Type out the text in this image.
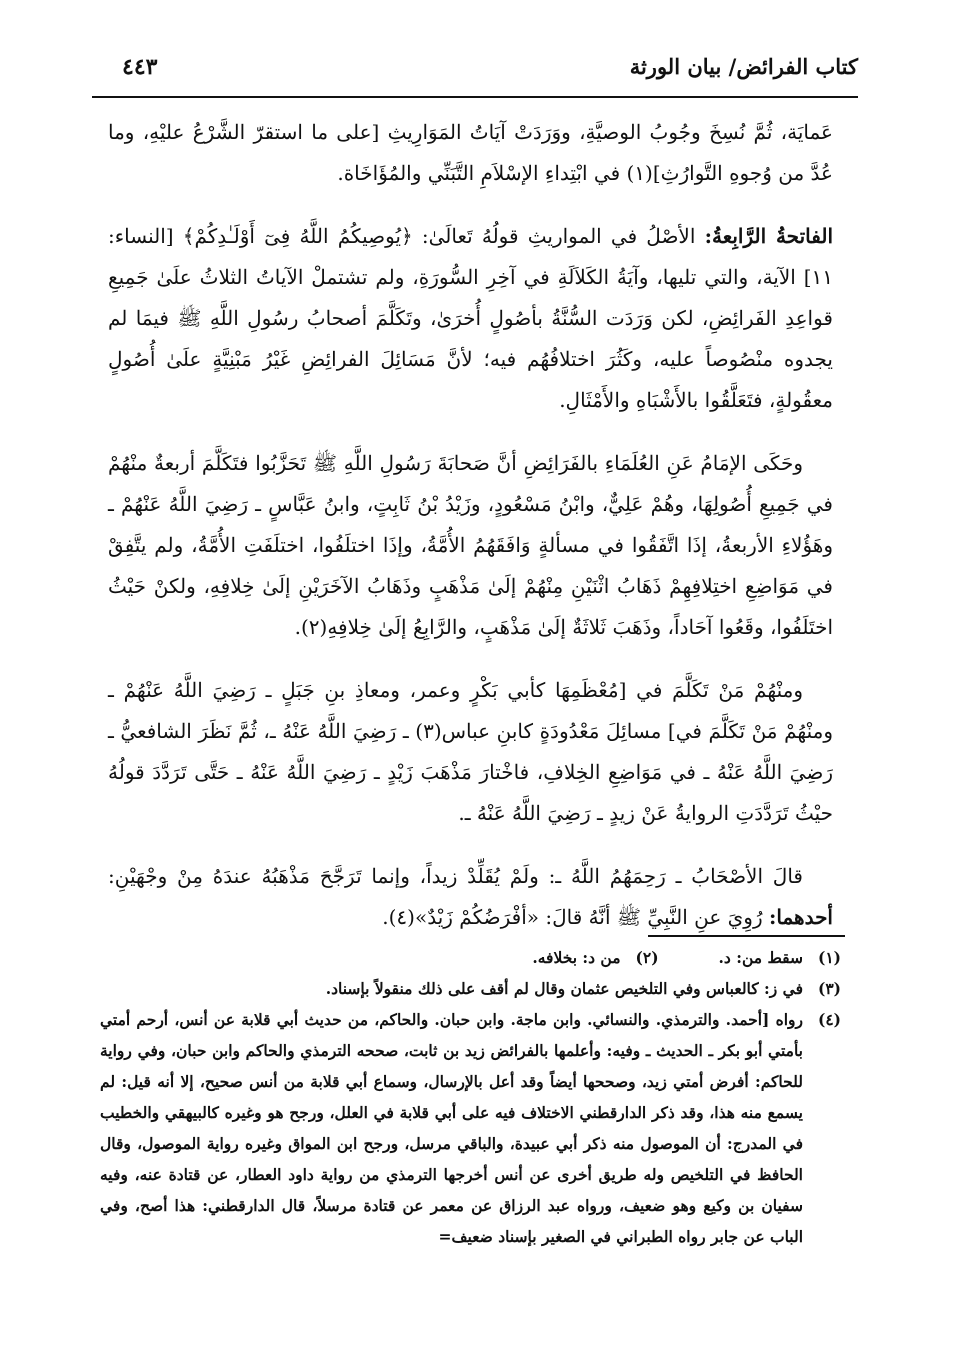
كتاب الفرائض/ بيان الورثة
٤٤٣

عَمايَة، ثُمَّ نُسِخَ وجُوبُ الوصيَّةِ، ووَرَدَتْ آيَاتُ المَوَارِيثِ [على ما استقرّ الشَّرْعُ عليْهِ، وما عُدَّ من وُجوهِ التَّوارُثِ](١) في ابْتِداءِ الإسْلاَمِ التَّبَنِّي والمُؤَاخَاة.

الفاتحةُ الرَّابِعةُ: الأصْلُ في المواريثِ قولُهُ تَعالَىٰ: ﴿يُوصِيكُمُ اللَّهُ فِىٓ أَوْلَـٰدِكُمْ﴾ [النساء: ١١] الآية، والتي تليها، وآيَةُ الكَلاَلَةِ في آخِرِ السُّورَةِ، ولم تشتملْ الآياتُ الثلاثُ علَىٰ جَمِيعِ قواعِدِ الفَرائِضِ، لكن وَرَدَت السُّنَّةُ بأصُولٍ أُخرَىٰ، وتَكَلَّمَ أصحابُ رسُولِ اللَّهِ ﷺ فيمَا لم يجدوه منْصُوصاً عليه، وكَثُرَ اختلافُهُم فيه؛ لأنَّ مَسَائِلَ الفرائِضِ غَيْرُ مَبْنِيَّةٍ علَىٰ أُصُولٍ معقُولةٍ، فتَعَلَّقُوا بالأَشْبَاهِ والأَمْثَالِ.

وحَكَى الإمَامُ عَنِ العُلَمَاءِ بالفَرَائِضِ أنَّ صَحابَةَ رَسُولِ اللَّهِ ﷺ تَحَزَّبُوا فتَكَلَّمَ أربعةٌ منْهُمْ في جَمِيعِ أُصُولِهَا، وهُمْ عَلِيٌّ، وابْنُ مَسْعُودٍ، وزَيْدُ بْنُ ثَابِتٍ، وابنُ عَبَّاسٍ ـ رَضِيَ اللَّهُ عَنْهُمْ ـ وهَؤُلاءِ الأربعةُ، إذَا اتَّفَقُوا في مسألةٍ وَافَقَهُمُ الأُمَّةُ، وإذَا اختلَفُوا، اختلَفَتِ الأُمَّةُ، ولم يتَّفِقْ في مَوَاضِعِ اختِلافِهِمْ ذَهَابُ اثْنَيْنِ مِنْهُمْ إلَىٰ مَذْهَبٍ وذَهَابُ الآخَرَيْنِ إلَىٰ خِلافِهِ، ولكنْ حَيْثُ اختَلَفُوا، وقَعُوا آحَاداً، وذَهَبَ ثَلاثَةٌ إلَىٰ مَذْهَبٍ، والرَّابِعُ إلَىٰ خِلافِهِ(٢).

ومنْهُمْ مَنْ تَكَلَّمَ في [مُعْظَمِهَا كأبي بَكْرٍ وعمر، ومعاذِ بنِ جَبَلٍ ـ رَضِيَ اللَّهُ عَنْهُمْ ـ ومنْهُمْ مَنْ تَكَلَّمَ في] مسائِلَ مَعْدُودَةٍ كابنِ عباس(٣) ـ رَضِيَ اللَّهُ عَنْهُ ـ، ثُمَّ نَظَرَ الشافعيُّ ـ رَضِيَ اللَّهُ عَنْهُ ـ في مَوَاضِعِ الخِلافِ، فاخْتارَ مَذْهَبَ زَيْدٍ ـ رَضِيَ اللَّهُ عَنْهُ ـ حَتَّى تَرَدَّدَ قولُهُ حيْثُ تَرَدَّدَتِ الروايةُ عَنْ زيدٍ ـ رَضِيَ اللَّهُ عَنْهُ ـ.

قالَ الأصْحَابُ ـ رَحِمَهُمُ اللَّهُ ـ: ولَمْ يُقَلِّدْ زيداً، وإنما تَرَجَّحَ مَذْهَبُهُ عندَهُ مِنْ وجْهَيْنِ: أحدهما: رُوِيَ عنِ النَّبِيِّ ﷺ أنَّهُ قالَ: «أفْرَضُكُمْ زَيْدٌ»(٤).

(١)
سقط من: د.
(٢)
من د: بخلافه.
(٣)
في ز: كالعباس وفي التلخيص عثمان وقال لم أقف على ذلك منقولاً بإسناد.
(٤)
رواه [أحمد. والترمذي. والنسائي. وابن ماجة. وابن حبان. والحاكم، من حديث أبي قلابة عن أنس، أرحم أمتي بأمتي أبو بكر ـ الحديث ـ وفيه: وأعلمها بالفرائض زيد بن ثابت، صححه الترمذي والحاكم وابن حبان، وفي رواية للحاكم: أفرض أمتي زيد، وصححها أيضاً وقد أعل بالإرسال، وسماع أبي قلابة من أنس صحيح، إلا أنه قيل: لم يسمع منه هذا، وقد ذكر الدارقطني الاختلاف فيه على أبي قلابة في العلل، ورجح هو وغيره كالبيهقي والخطيب في المدرج: أن الموصول منه ذكر أبي عبيدة، والباقي مرسل، ورجح ابن المواق وغيره رواية الموصول، وقال الحافظ في التلخيص وله طريق أخرى عن أنس أخرجها الترمذي من رواية داود العطار، عن قتادة عنه، وفيه سفيان بن وكيع وهو ضعيف، ورواه عبد الرزاق عن معمر عن قتادة مرسلاً، قال الدارقطني: هذا أصح، وفي الباب عن جابر رواه الطبراني في الصغير بإسناد ضعيف=
